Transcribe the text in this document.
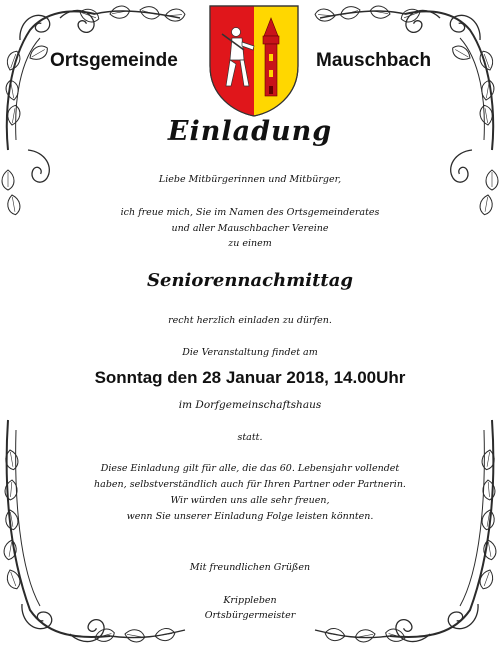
Ortsgemeinde	Mauschbach
Einladung
Liebe Mitbürgerinnen und Mitbürger,
ich freue mich, Sie im Namen des Ortsgemeinderates
und aller Mauschbacher Vereine
zu einem
Seniorennachmittag
recht herzlich einladen zu dürfen.
Die Veranstaltung findet am
Sonntag den 28 Januar 2018, 14.00Uhr
im Dorfgemeinschaftshaus
statt.
Diese Einladung gilt für alle, die das 60. Lebensjahr vollendet
haben, selbstverständlich auch für Ihren Partner oder Partnerin.
Wir würden uns alle sehr freuen,
wenn Sie unserer Einladung Folge leisten könnten.
Mit freundlichen Grüßen
Krippleben
Ortsbürgermeister
